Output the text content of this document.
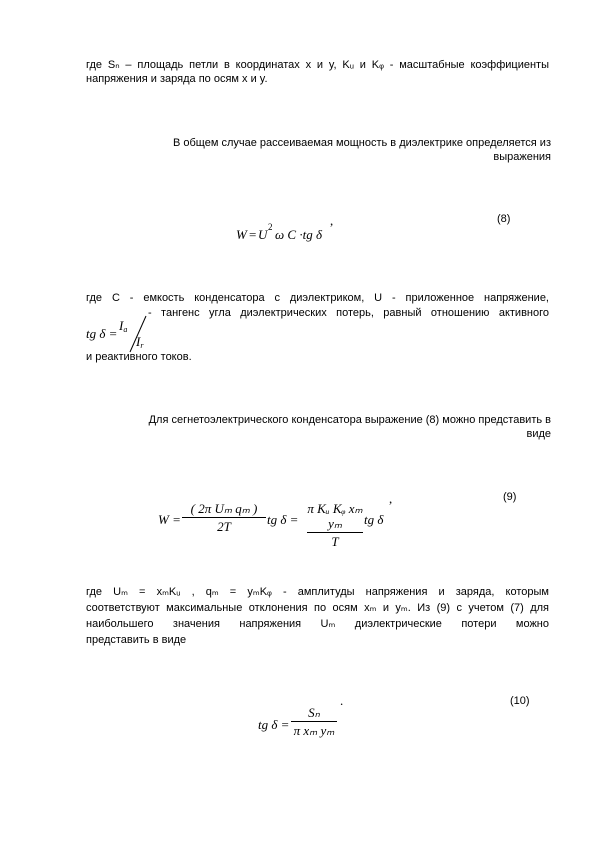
где Sₙ – площадь петли в координатах x и y, Kᵤ и Kᵩ - масштабные коэффициенты
напряжения и заряда по осям x и y.
В общем случае рассеиваемая мощность в диэлектрике определяется из
выражения
W = U 2 ω C ·tg δ
,	(8)
где C - емкость конденсатора с диэлектриком, U - приложенное напряжение,
tg δ =
$I_a$
$I_r$
- тангенс угла диэлектрических потерь, равный отношению активного
и реактивного токов.
Для сегнетоэлектрического конденсатора выражение (8) можно представить в
виде
W =
( 2π Uₘ qₘ )
2T	tg δ =
π Kᵤ Kᵩ xₘ yₘ
T
tg δ
,	(9)
где Uₘ = xₘKᵤ , qₘ = yₘKᵩ - амплитуды напряжения и заряда, которым
соответствуют максимальные отклонения по осям xₘ и yₘ. Из (9) с учетом (7) для
наибольшего значения напряжения Uₘ диэлектрические потери можно
представить в виде
tg δ =
Sₙ
π xₘ yₘ
.	(10)
